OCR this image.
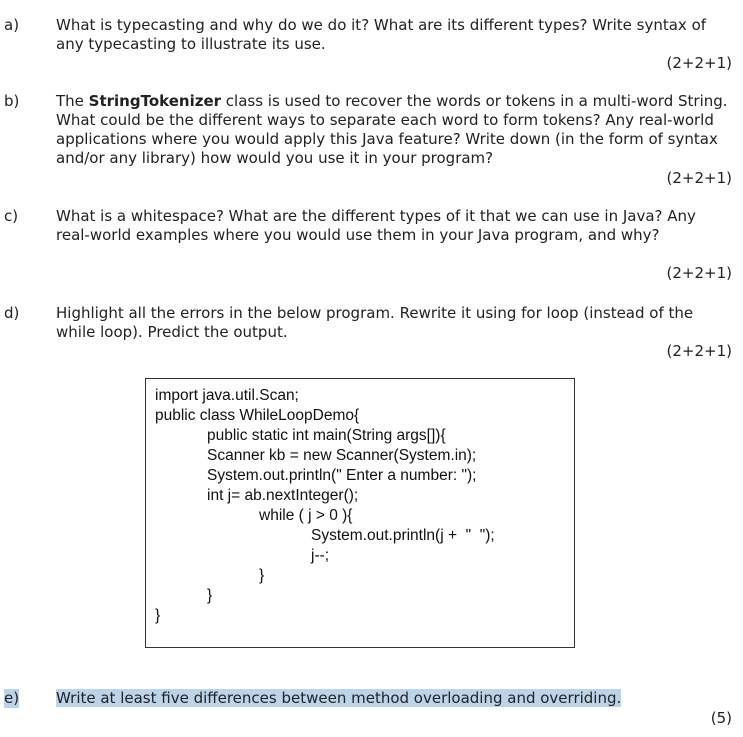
a) What is typecasting and why do we do it? What are its different types? Write syntax of any typecasting to illustrate its use.
(2+2+1)
b) The StringTokenizer class is used to recover the words or tokens in a multi-word String. What could be the different ways to separate each word to form tokens? Any real-world applications where you would apply this Java feature? Write down (in the form of syntax and/or any library) how would you use it in your program?
(2+2+1)
c)	What is a whitespace? What are the different types of it that we can use in Java? Any real-world examples where you would use them in your Java program, and why?
(2+2+1)
d) Highlight all the errors in the below program. Rewrite it using for loop (instead of the while loop). Predict the output.
(2+2+1)
import java.util.Scan;
public class WhileLoopDemo{
public static int main(String args[]){
Scanner kb = new Scanner(System.in);
System.out.println(" Enter a number: ");
int j= ab.nextInteger();
while ( j > 0 ){
System.out.println(j +  "  ");
j--;
}
}
}
e) Write at least five differences between method overloading and overriding.
(5)
